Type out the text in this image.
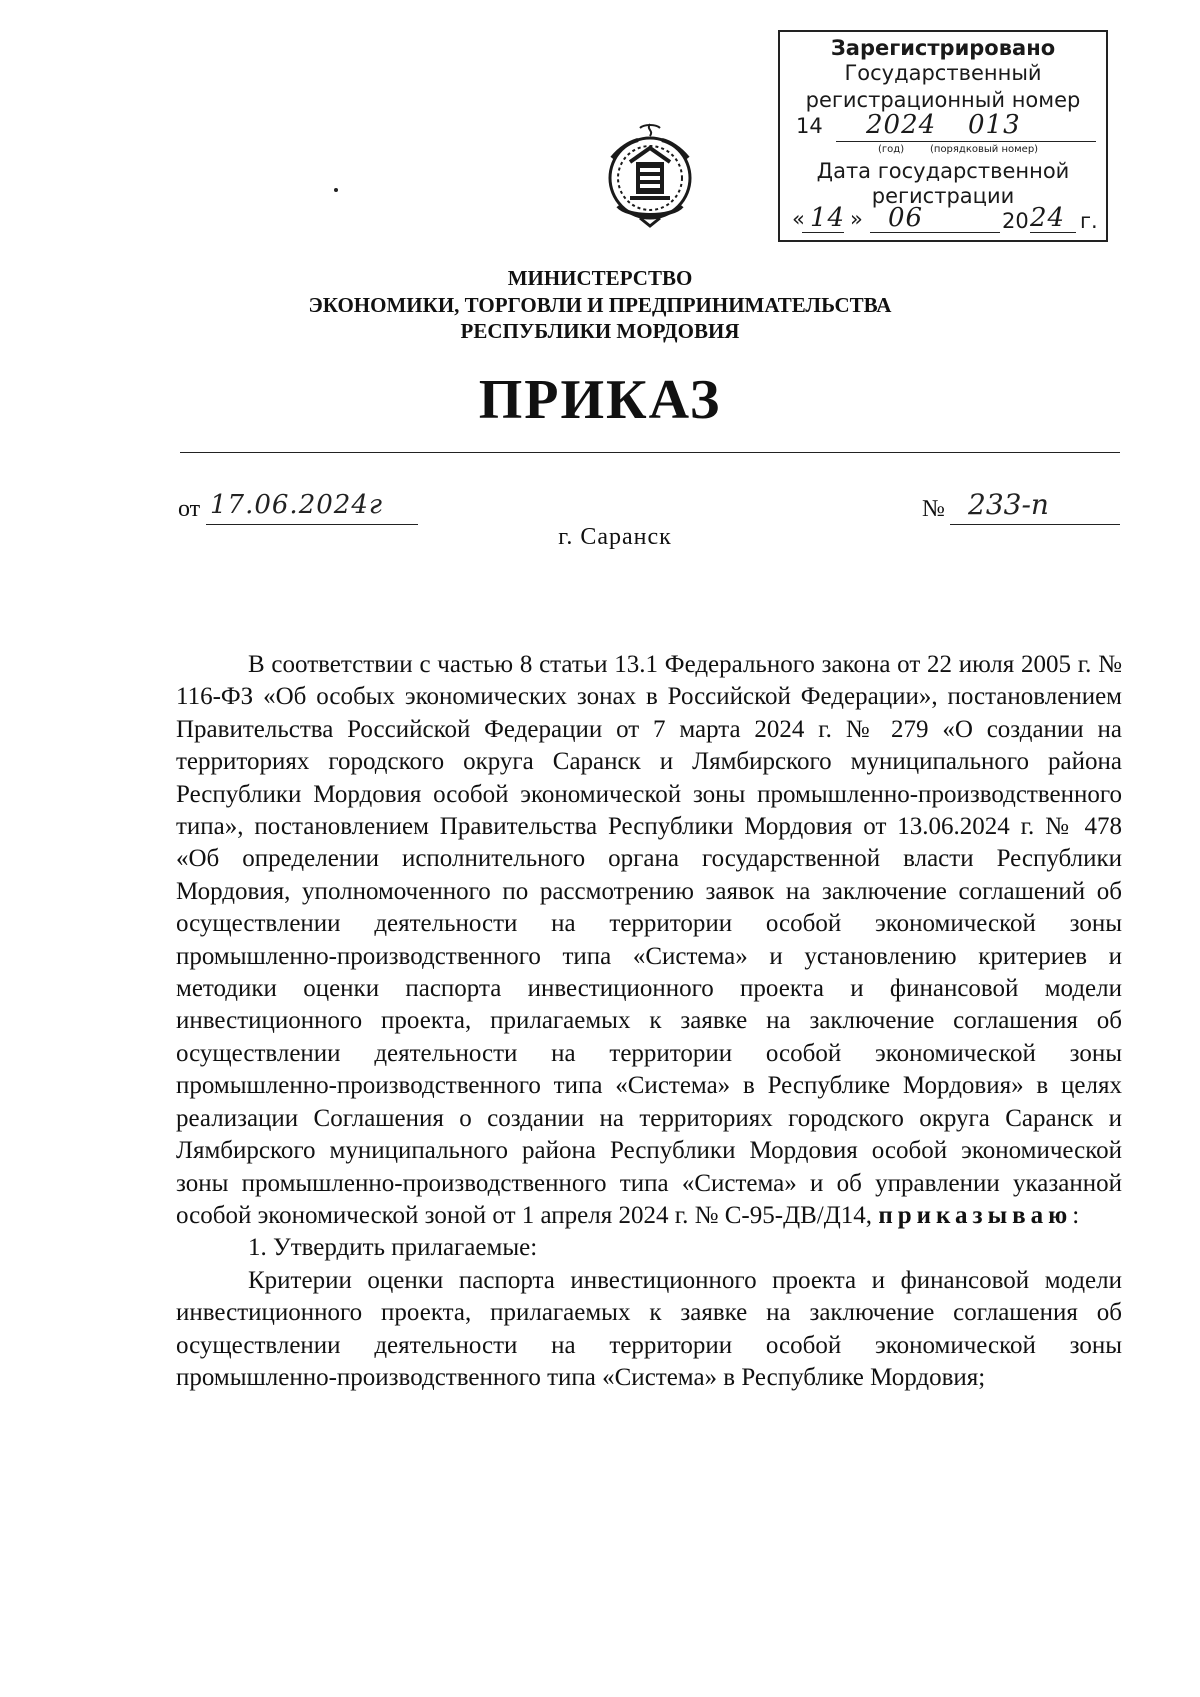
Зарегистрировано
Государственный
регистрационный номер
14 2024 013
(год)	(порядковый номер)
Дата государственной
регистрации
« 14 » 06	20 24 г.
МИНИСТЕРСТВО
ЭКОНОМИКИ, ТОРГОВЛИ И ПРЕДПРИНИМАТЕЛЬСТВА
РЕСПУБЛИКИ МОРДОВИЯ
ПРИКАЗ
от 17.06.2024г	№ 233-п
г. Саранск

В соответствии с частью 8 статьи 13.1 Федерального закона от 22 июля 2005 г. № 116-ФЗ «Об особых экономических зонах в Российской Федерации», постановлением Правительства Российской Федерации от 7 марта 2024 г. № 279 «О создании на территориях городского округа Саранск и Лямбирского муниципального района Республики Мордовия особой экономической зоны промышленно-производственного типа», постановлением Правительства Республики Мордовия от 13.06.2024 г. № 478 «Об определении исполнительного органа государственной власти Республики Мордовия, уполномоченного по рассмотрению заявок на заключение соглашений об осуществлении деятельности на территории особой экономической зоны промышленно-производственного типа «Система» и установлению критериев и методики оценки паспорта инвестиционного проекта и финансовой модели инвестиционного проекта, прилагаемых к заявке на заключение соглашения об осуществлении деятельности на территории особой экономической зоны промышленно-производственного типа «Система» в Республике Мордовия» в целях реализации Соглашения о создании на территориях городского округа Саранск и Лямбирского муниципального района Республики Мордовия особой экономической зоны промышленно-производственного типа «Система» и об управлении указанной особой экономической зоной от 1 апреля 2024 г. № С-95-ДВ/Д14, приказываю:

1. Утвердить прилагаемые:

Критерии оценки паспорта инвестиционного проекта и финансовой модели инвестиционного проекта, прилагаемых к заявке на заключение соглашения об осуществлении деятельности на территории особой экономической зоны промышленно-производственного типа «Система» в Республике Мордовия;
